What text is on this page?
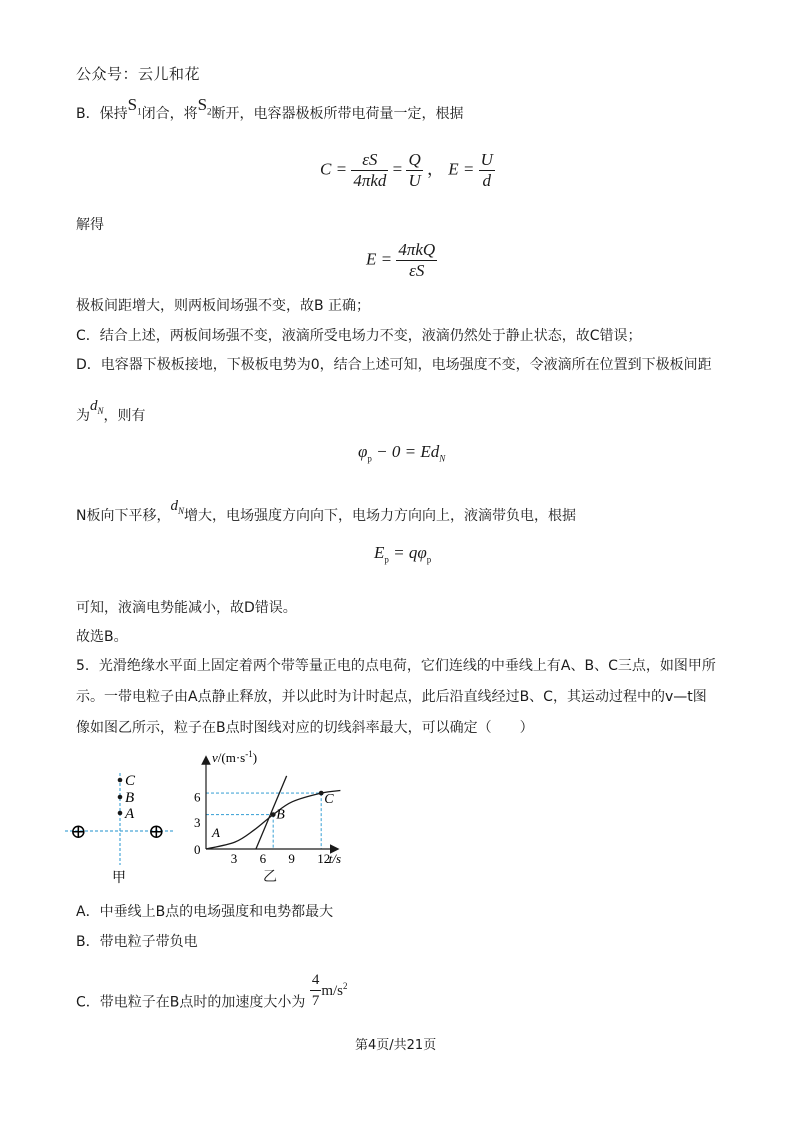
公众号：云儿和花
B．保持$S_1$闭合，将$S_2$断开，电容器极板所带电荷量一定，根据
$C = \frac{\varepsilon S}{\text{4πkd}} = \frac{Q}{U}$ ， $E = \frac{U}{d}$
解得
$E = \frac{\text{4πkQ}}{\varepsilon S}$
极板间距增大，则两板间场强不变，故B 正确；
C．结合上述，两板间场强不变，液滴所受电场力不变，液滴仍然处于静止状态，故C错误；
D．电容器下极板接地，下极板电势为0，结合上述可知，电场强度不变，令液滴所在位置到下极板间距
为$d_N$，则有
$\varphi_p - 0 = Ed_N$
N板向下平移，$d_N$增大，电场强度方向向下，电场力方向向上，液滴带负电，根据
$E_p = q\varphi_p$
可知，液滴电势能减小，故D错误。
故选B。
5．光滑绝缘水平面上固定着两个带等量正电的点电荷，它们连线的中垂线上有A、B、C三点，如图甲所
示。一带电粒子由A点静止释放，并以此时为计时起点，此后沿直线经过B、C，其运动过程中的v—t图
像如图乙所示，粒子在B点时图线对应的切线斜率最大，可以确定（　　）
C
B
A
⊕	⊕
甲
3 6 9 12
3
6
0
t/s
$v/(m\cdot s^{-1})$
A
B
C
乙
A．中垂线上B点的电场强度和电势都最大
B．带电粒子带负电
C．带电粒子在B点时的加速度大小为 $\frac{4}{7} m/s^2$
第4页/共21页
